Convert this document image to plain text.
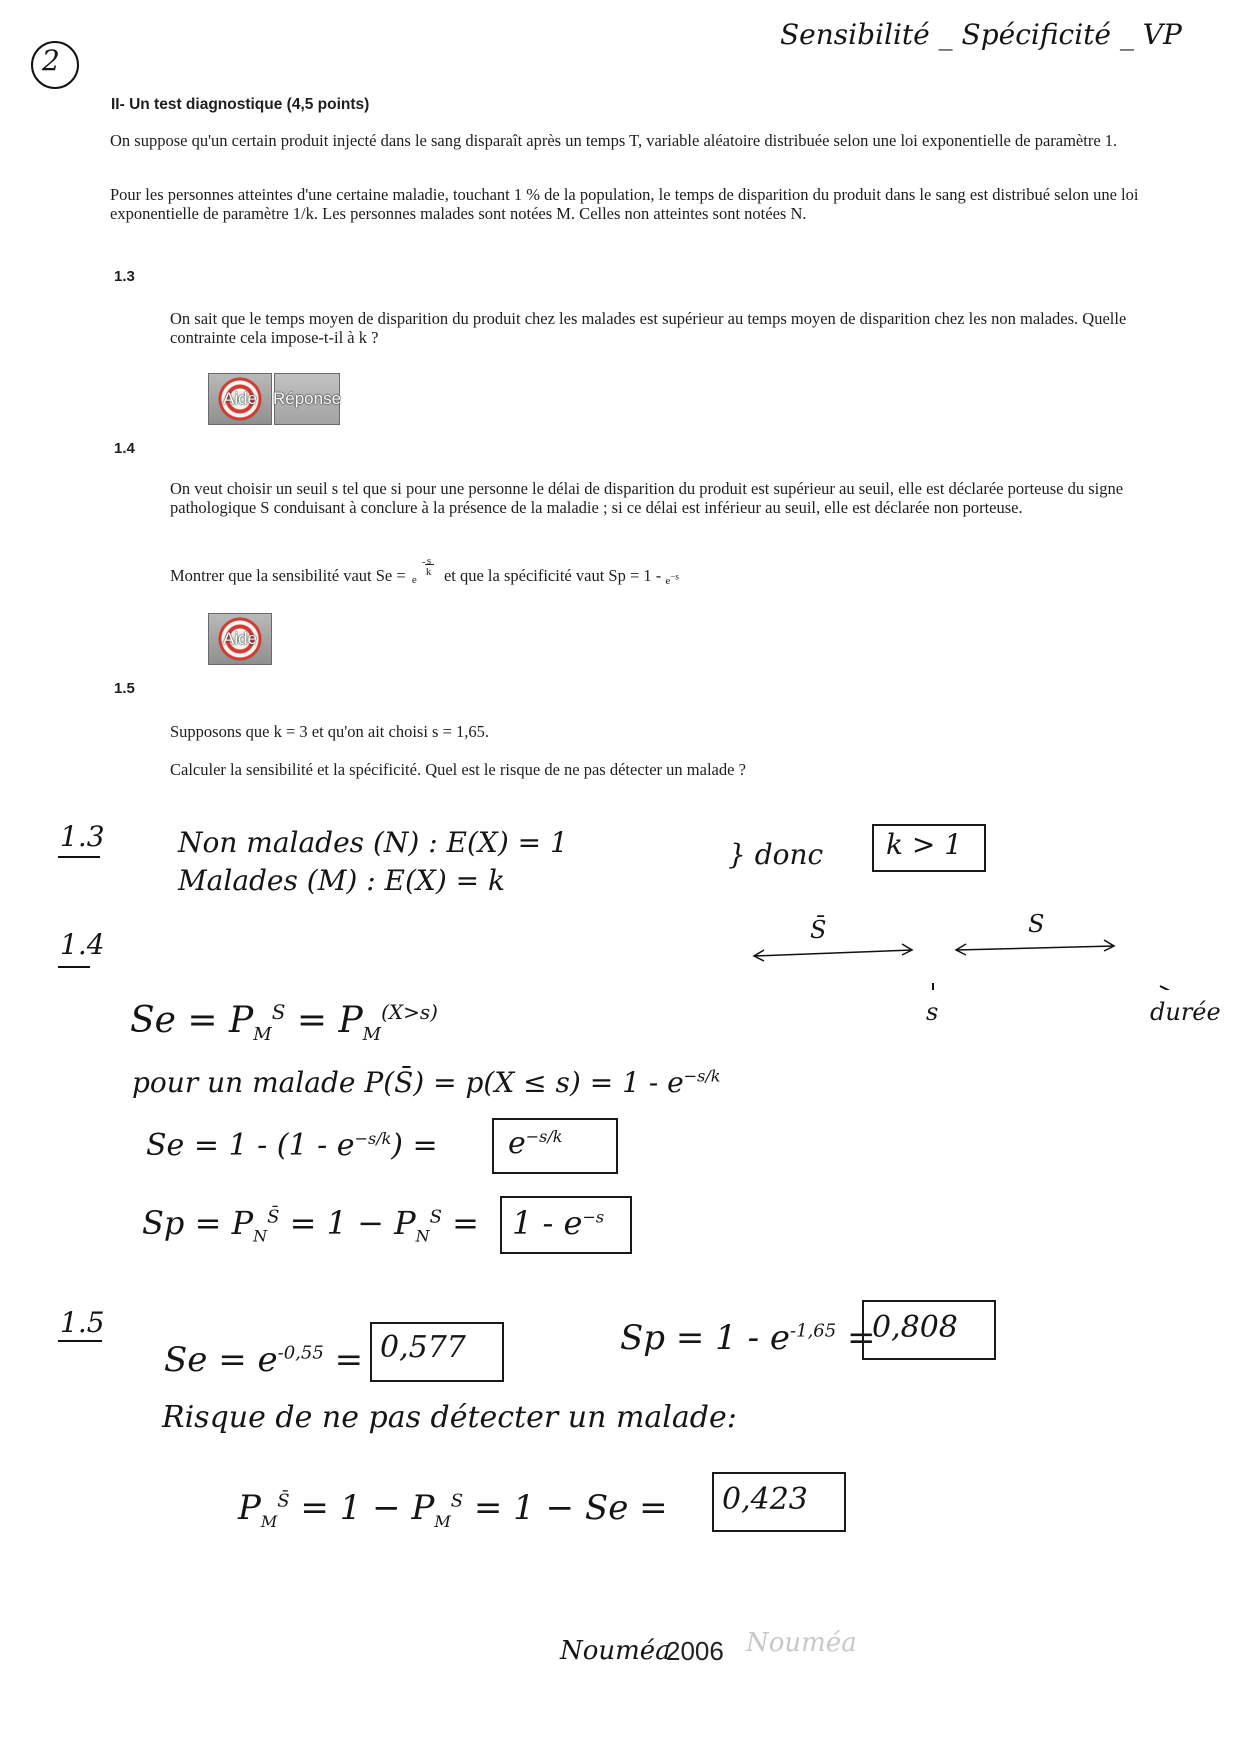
2
Sensibilité _ Spécificité _ VP
II- Un test diagnostique (4,5 points)
On suppose qu'un certain produit injecté dans le sang disparaît après un temps T, variable aléatoire distribuée selon une loi exponentielle de paramètre 1.
Pour les personnes atteintes d'une certaine maladie, touchant 1 % de la population, le temps de disparition du produit dans le sang est distribué selon une loi exponentielle de paramètre 1/k. Les personnes malades sont notées M. Celles non atteintes sont notées N.
1.3
On sait que le temps moyen de disparition du produit chez les malades est supérieur au temps moyen de disparition chez les non malades. Quelle contrainte cela impose-t-il à k ?
Aide Réponse
1.4
On veut choisir un seuil s tel que si pour une personne le délai de disparition du produit est supérieur au seuil, elle est déclarée porteuse du signe pathologique S conduisant à conclure à la présence de la maladie ; si ce délai est inférieur au seuil, elle est déclarée non porteuse.
Montrer que la sensibilité vaut Se = e
- s
k et que la spécificité vaut $Sp = 1 - e^{-s}$
Aide
1.5
Supposons que k = 3 et qu'on ait choisi s = 1,65.
Calculer la sensibilité et la spécificité. Quel est le risque de ne pas détecter un malade ?
1.3	Non malades (N) : E(X) = 1
Malades (M) : E(X) = k
} donc k > 1
1.4	S̄	S
s	durée
$Se = P_M^S = P_M^{(X>s)}$
pour un malade P(S̄) = $p(X \le s) = 1 - e^{-s/k}$
$Se = 1 - (1 - e^{-s/k}) = e^{-s/k}$
$Sp = P_N^{S̄} = 1 - P_N^S = 1 - e^{-s}$
1.5
$Se = e^{-0,55} = 0,577$	$Sp = 1 - e^{-1,65}$ =
0,808
Risque de ne pas détecter un malade:
$P_M^{S̄} = 1 - P_M^S = 1 - Se = 0,423$
Nouméa
2006 Nouméa
